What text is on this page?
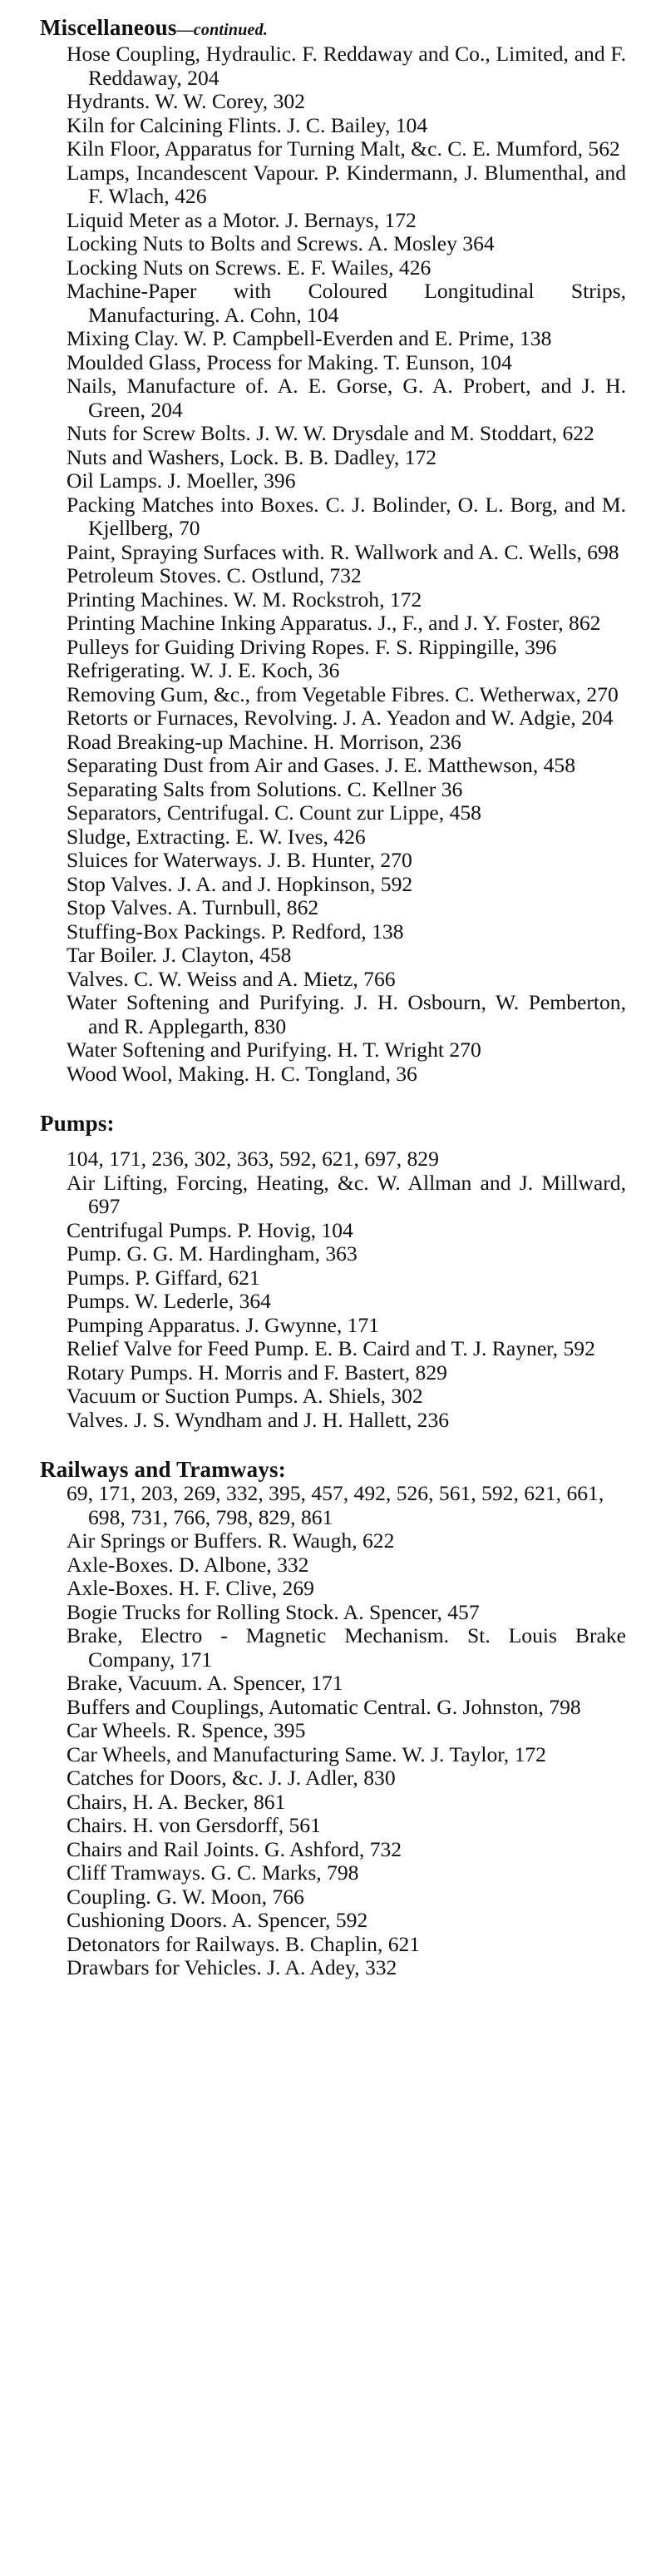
Miscellaneous—continued.

Hose Coupling, Hydraulic. F. Reddaway and Co., Limited, and F. Reddaway, 204

Hydrants. W. W. Corey, 302

Kiln for Calcining Flints. J. C. Bailey, 104

Kiln Floor, Apparatus for Turning Malt, &c. C. E. Mumford, 562

Lamps, Incandescent Vapour. P. Kindermann, J. Blumenthal, and F. Wlach, 426

Liquid Meter as a Motor. J. Bernays, 172

Locking Nuts to Bolts and Screws. A. Mosley 364

Locking Nuts on Screws. E. F. Wailes, 426

Machine-Paper with Coloured Longitudinal Strips, Manufacturing. A. Cohn, 104

Mixing Clay. W. P. Campbell-Everden and E. Prime, 138

Moulded Glass, Process for Making. T. Eunson, 104

Nails, Manufacture of. A. E. Gorse, G. A. Probert, and J. H. Green, 204

Nuts for Screw Bolts. J. W. W. Drysdale and M. Stoddart, 622

Nuts and Washers, Lock. B. B. Dadley, 172

Oil Lamps. J. Moeller, 396

Packing Matches into Boxes. C. J. Bolinder, O. L. Borg, and M. Kjellberg, 70

Paint, Spraying Surfaces with. R. Wallwork and A. C. Wells, 698

Petroleum Stoves. C. Ostlund, 732

Printing Machines. W. M. Rockstroh, 172

Printing Machine Inking Apparatus. J., F., and J. Y. Foster, 862

Pulleys for Guiding Driving Ropes. F. S. Rippingille, 396

Refrigerating. W. J. E. Koch, 36

Removing Gum, &c., from Vegetable Fibres. C. Wetherwax, 270

Retorts or Furnaces, Revolving. J. A. Yeadon and W. Adgie, 204

Road Breaking-up Machine. H. Morrison, 236

Separating Dust from Air and Gases. J. E. Matthewson, 458

Separating Salts from Solutions. C. Kellner 36

Separators, Centrifugal. C. Count zur Lippe, 458

Sludge, Extracting. E. W. Ives, 426

Sluices for Waterways. J. B. Hunter, 270

Stop Valves. J. A. and J. Hopkinson, 592

Stop Valves. A. Turnbull, 862

Stuffing-Box Packings. P. Redford, 138

Tar Boiler. J. Clayton, 458

Valves. C. W. Weiss and A. Mietz, 766

Water Softening and Purifying. J. H. Osbourn, W. Pemberton, and R. Applegarth, 830

Water Softening and Purifying. H. T. Wright 270

Wood Wool, Making. H. C. Tongland, 36

Pumps:

104, 171, 236, 302, 363, 592, 621, 697, 829

Air Lifting, Forcing, Heating, &c. W. Allman and J. Millward, 697

Centrifugal Pumps. P. Hovig, 104

Pump. G. G. M. Hardingham, 363

Pumps. P. Giffard, 621

Pumps. W. Lederle, 364

Pumping Apparatus. J. Gwynne, 171

Relief Valve for Feed Pump. E. B. Caird and T. J. Rayner, 592

Rotary Pumps. H. Morris and F. Bastert, 829

Vacuum or Suction Pumps. A. Shiels, 302

Valves. J. S. Wyndham and J. H. Hallett, 236

Railways and Tramways:

69, 171, 203, 269, 332, 395, 457, 492, 526, 561, 592, 621, 661, 698, 731, 766, 798, 829, 861

Air Springs or Buffers. R. Waugh, 622

Axle-Boxes. D. Albone, 332

Axle-Boxes. H. F. Clive, 269

Bogie Trucks for Rolling Stock. A. Spencer, 457

Brake, Electro - Magnetic Mechanism. St. Louis Brake Company, 171

Brake, Vacuum. A. Spencer, 171

Buffers and Couplings, Automatic Central. G. Johnston, 798

Car Wheels. R. Spence, 395

Car Wheels, and Manufacturing Same. W. J. Taylor, 172

Catches for Doors, &c. J. J. Adler, 830

Chairs, H. A. Becker, 861

Chairs. H. von Gersdorff, 561

Chairs and Rail Joints. G. Ashford, 732

Cliff Tramways. G. C. Marks, 798

Coupling. G. W. Moon, 766

Cushioning Doors. A. Spencer, 592

Detonators for Railways. B. Chaplin, 621

Drawbars for Vehicles. J. A. Adey, 332
